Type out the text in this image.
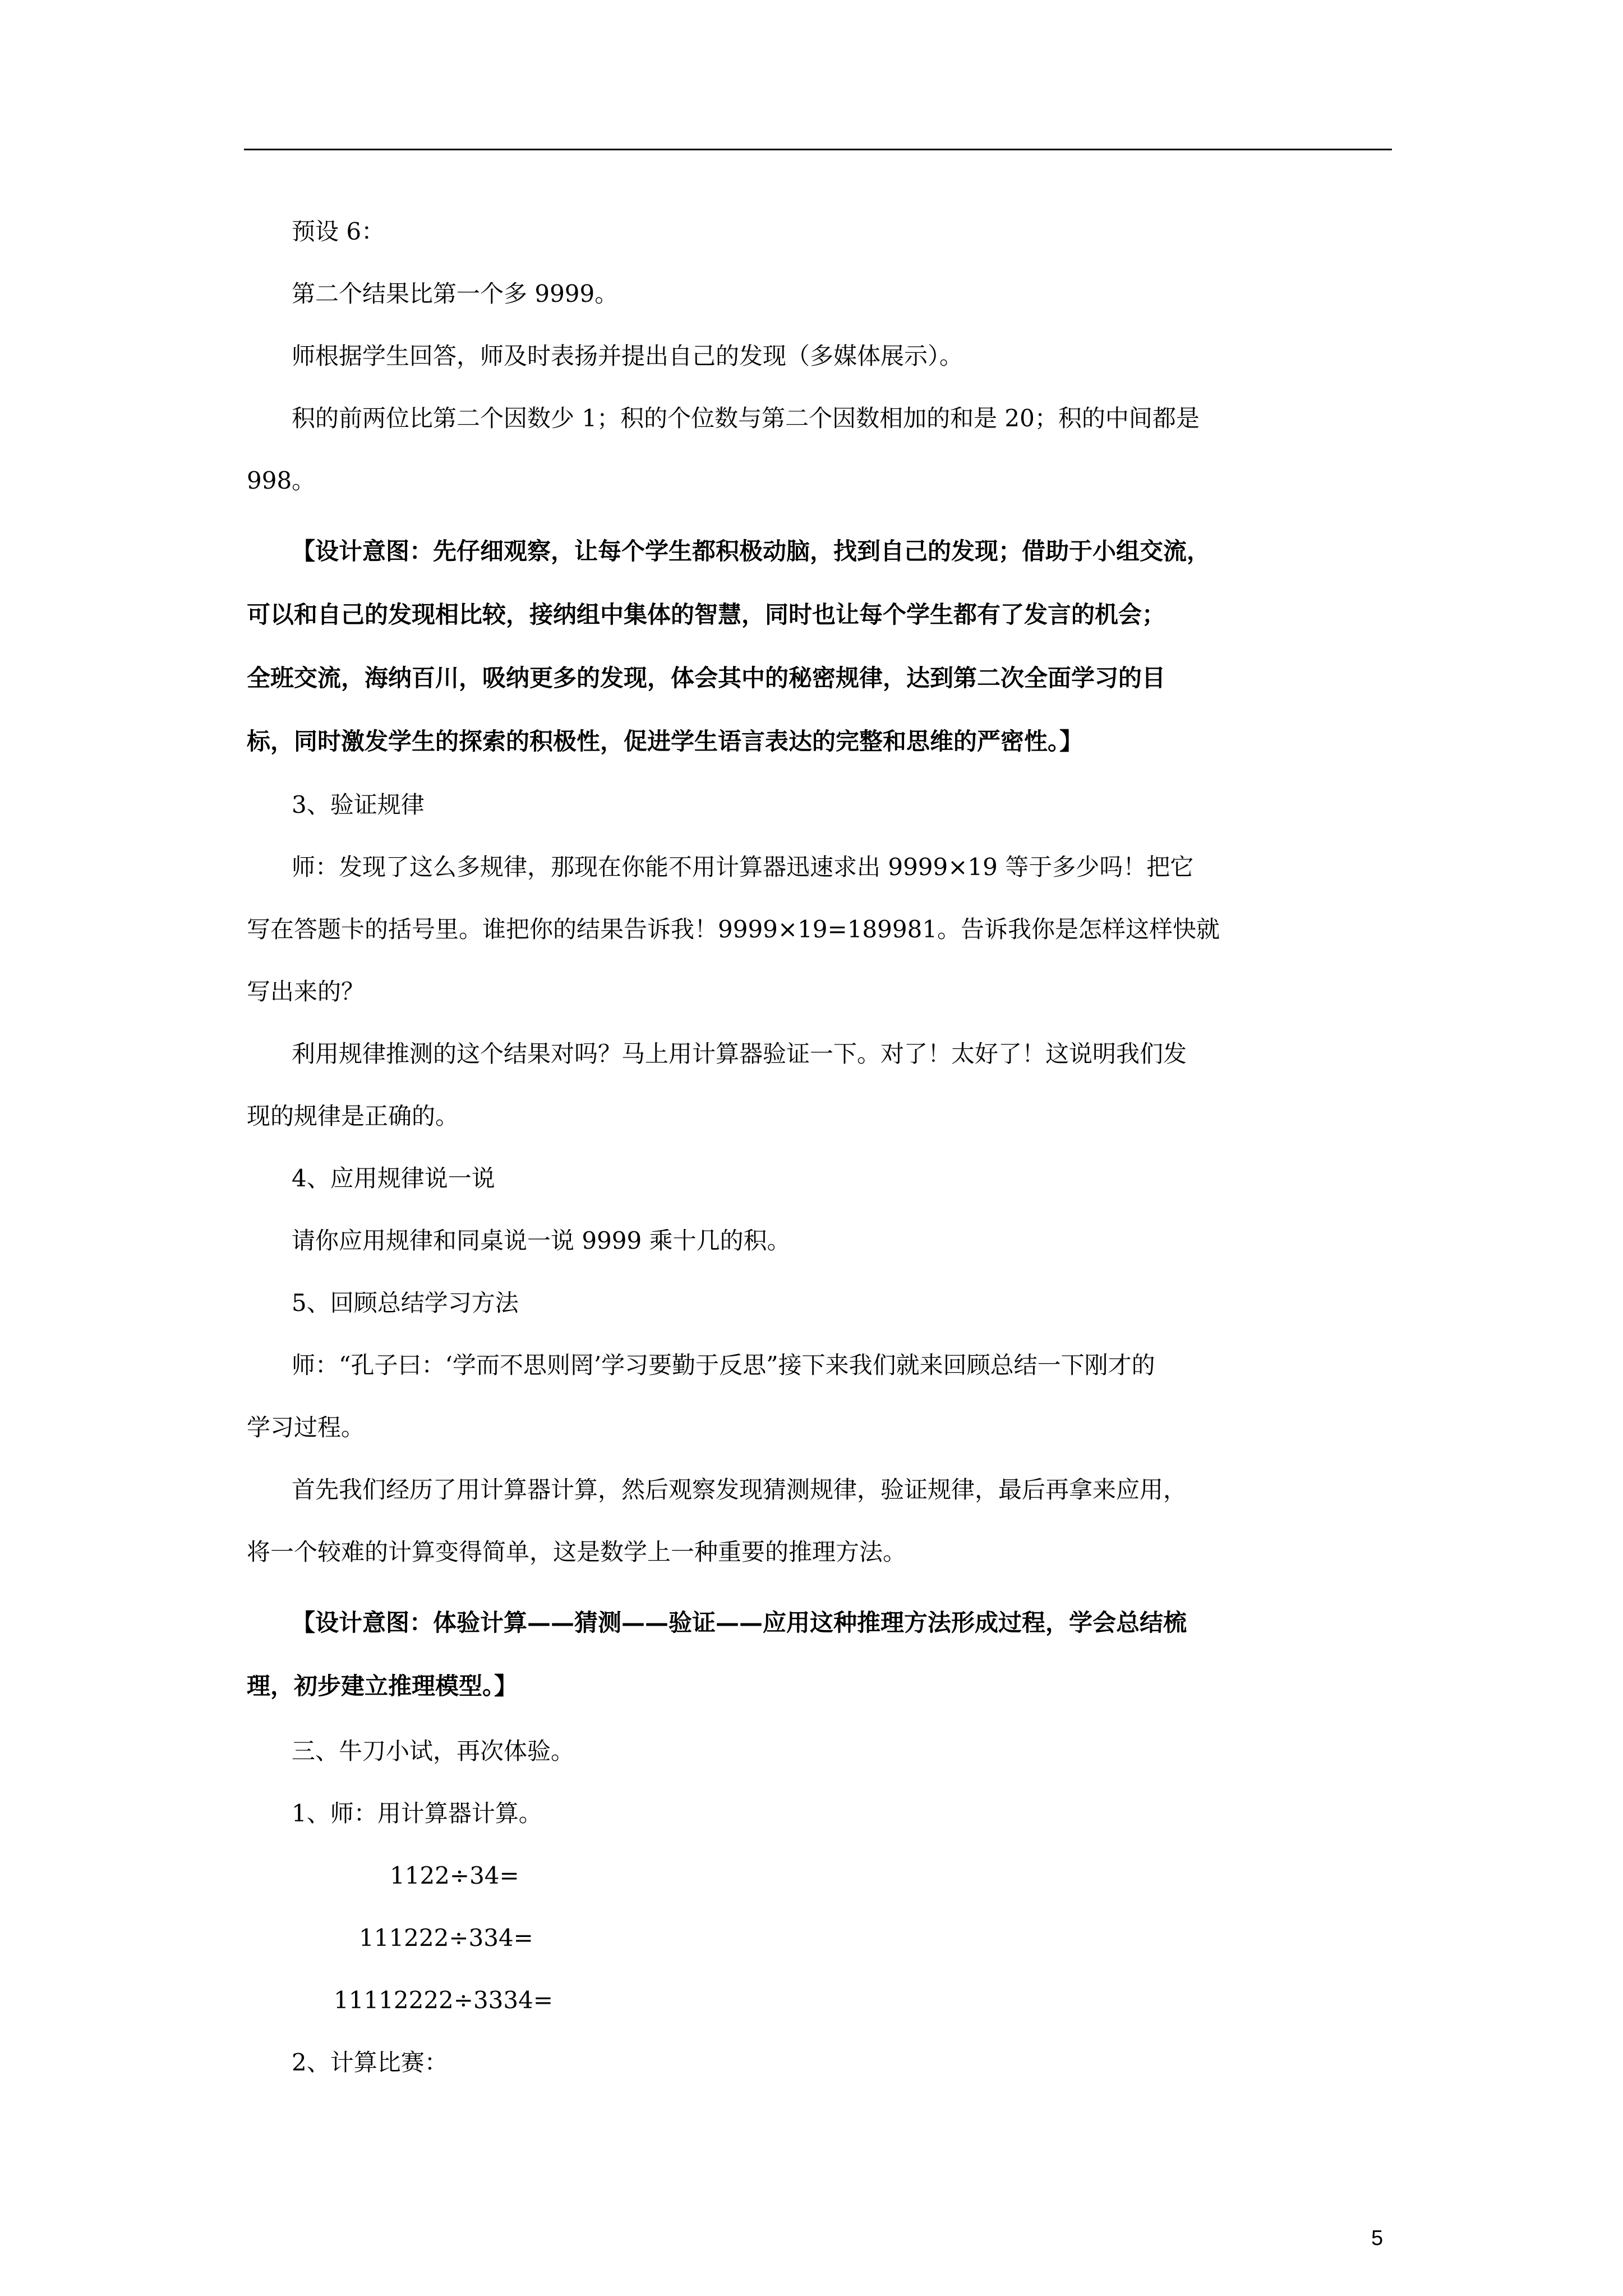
预设 6：
第二个结果比第一个多 9999。
师根据学生回答，师及时表扬并提出自己的发现（多媒体展示）。
积的前两位比第二个因数少 1；积的个位数与第二个因数相加的和是 20；积的中间都是
998。
【设计意图：先仔细观察，让每个学生都积极动脑，找到自己的发现；借助于小组交流，
可以和自己的发现相比较，接纳组中集体的智慧，同时也让每个学生都有了发言的机会；
全班交流，海纳百川，吸纳更多的发现，体会其中的秘密规律，达到第二次全面学习的目
标，同时激发学生的探索的积极性，促进学生语言表达的完整和思维的严密性。】
3、验证规律
师：发现了这么多规律，那现在你能不用计算器迅速求出 9999×19 等于多少吗！把它
写在答题卡的括号里。谁把你的结果告诉我！9999×19=189981。告诉我你是怎样这样快就
写出来的？
利用规律推测的这个结果对吗？马上用计算器验证一下。对了！太好了！这说明我们发
现的规律是正确的。
4、应用规律说一说
请你应用规律和同桌说一说 9999 乘十几的积。
5、回顾总结学习方法
师：“孔子曰：‘学而不思则罔’学习要勤于反思”接下来我们就来回顾总结一下刚才的
学习过程。
首先我们经历了用计算器计算，然后观察发现猜测规律，验证规律，最后再拿来应用，
将一个较难的计算变得简单，这是数学上一种重要的推理方法。
【设计意图：体验计算——猜测——验证——应用这种推理方法形成过程，学会总结梳
理，初步建立推理模型。】
三、牛刀小试，再次体验。
1、师：用计算器计算。
1122÷34=
111222÷334=
11112222÷3334=
2、计算比赛：
5
